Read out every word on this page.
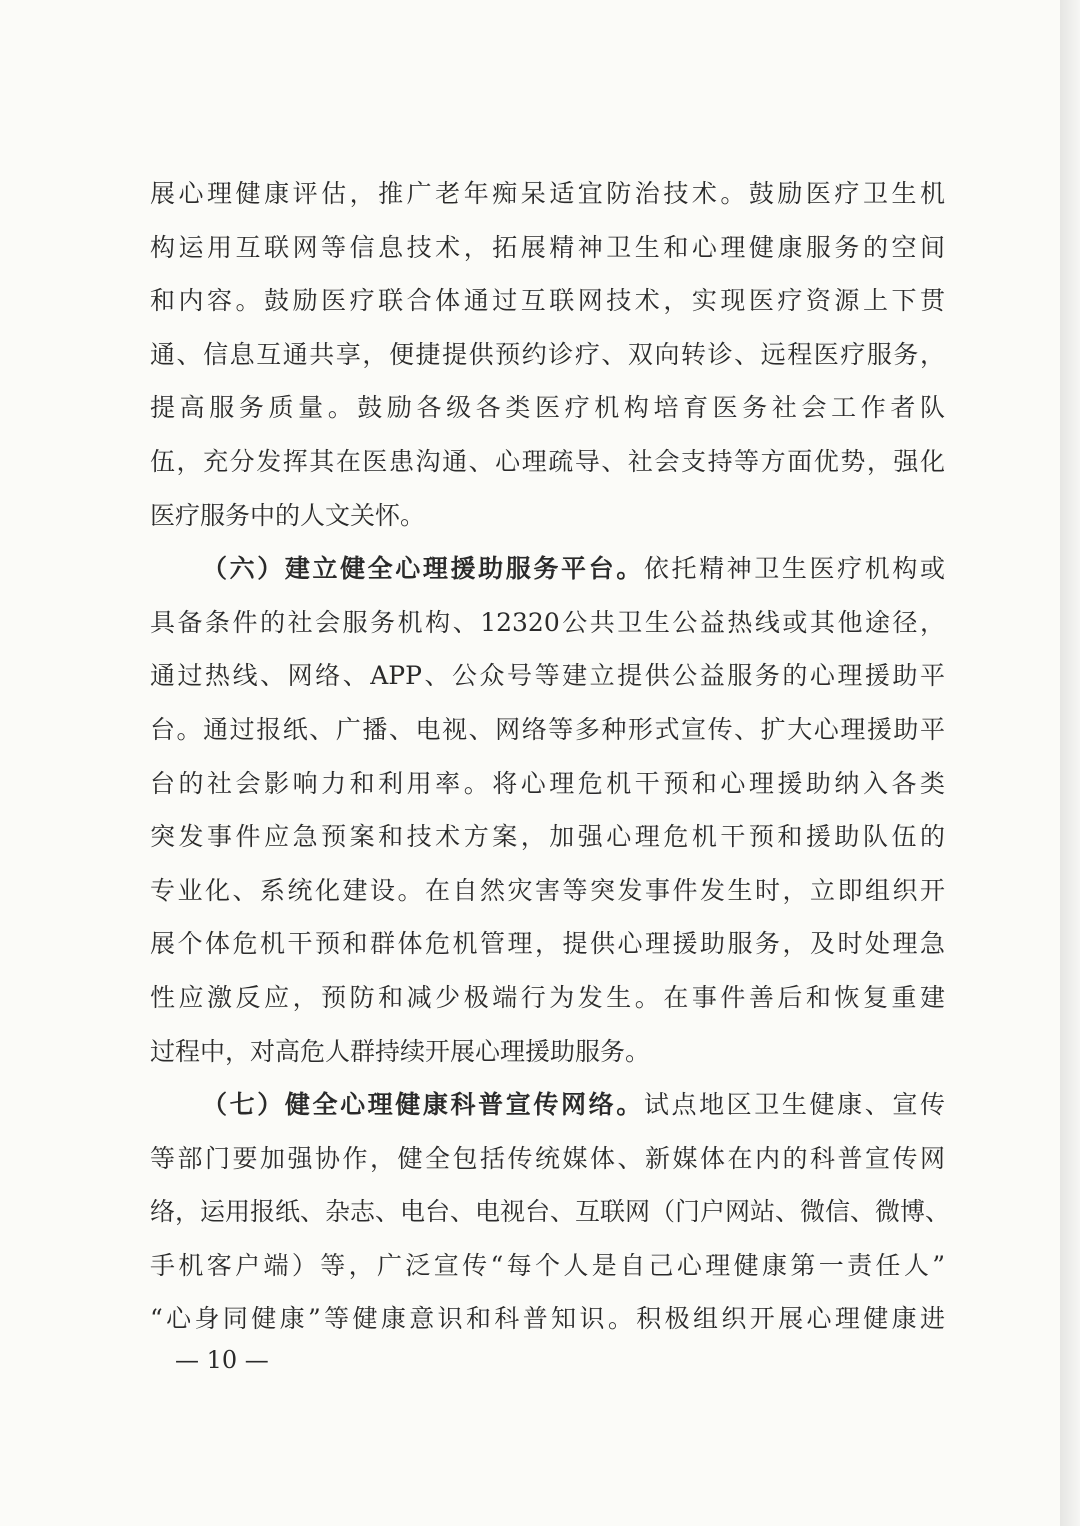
展心理健康评估，推广老年痴呆适宜防治技术。鼓励医疗卫生机
构运用互联网等信息技术，拓展精神卫生和心理健康服务的空间
和内容。鼓励医疗联合体通过互联网技术，实现医疗资源上下贯
通、信息互通共享，便捷提供预约诊疗、双向转诊、远程医疗服务，
提高服务质量。鼓励各级各类医疗机构培育医务社会工作者队
伍，充分发挥其在医患沟通、心理疏导、社会支持等方面优势，强化
医疗服务中的人文关怀。
（六）建立健全心理援助服务平台。依托精神卫生医疗机构或
具备条件的社会服务机构、12320公共卫生公益热线或其他途径，
通过热线、网络、APP、公众号等建立提供公益服务的心理援助平
台。通过报纸、广播、电视、网络等多种形式宣传、扩大心理援助平
台的社会影响力和利用率。将心理危机干预和心理援助纳入各类
突发事件应急预案和技术方案，加强心理危机干预和援助队伍的
专业化、系统化建设。在自然灾害等突发事件发生时，立即组织开
展个体危机干预和群体危机管理，提供心理援助服务，及时处理急
性应激反应，预防和减少极端行为发生。在事件善后和恢复重建
过程中，对高危人群持续开展心理援助服务。
（七）健全心理健康科普宣传网络。试点地区卫生健康、宣传
等部门要加强协作，健全包括传统媒体、新媒体在内的科普宣传网
络，运用报纸、杂志、电台、电视台、互联网（门户网站、微信、微博、
手机客户端）等，广泛宣传“每个人是自己心理健康第一责任人”
“心身同健康”等健康意识和科普知识。积极组织开展心理健康进
— 10 —
